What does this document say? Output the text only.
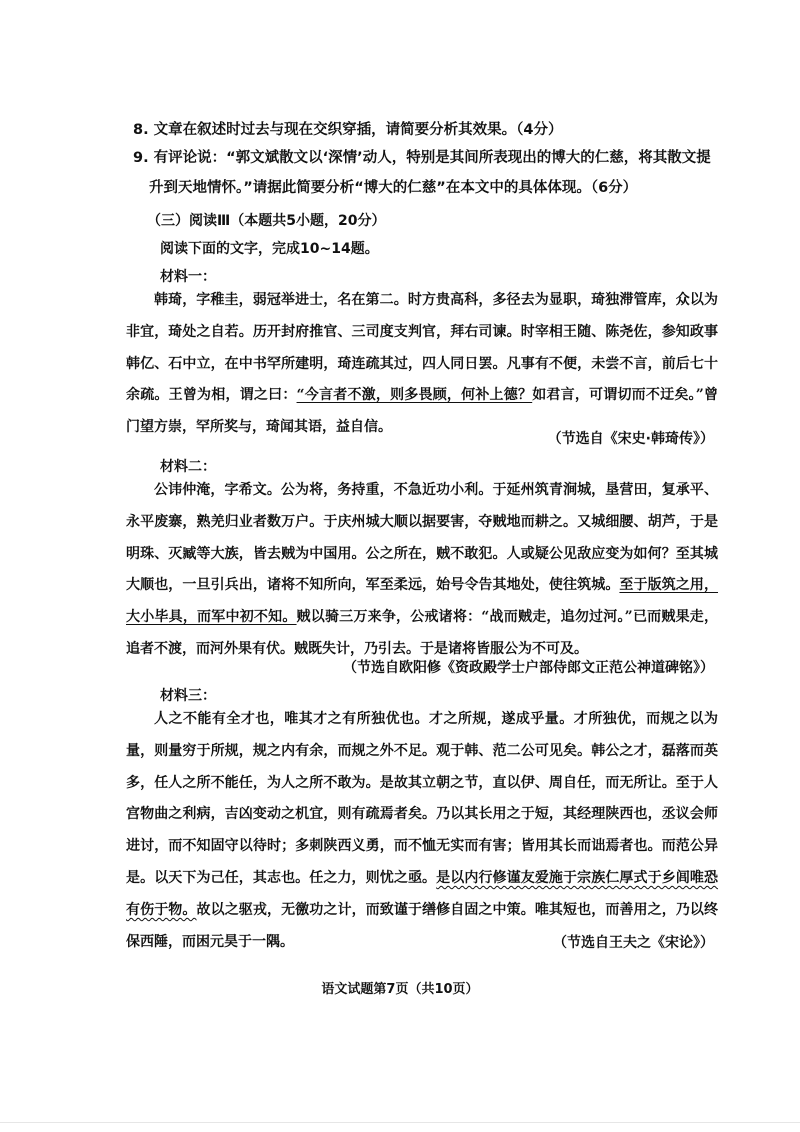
8. 文章在叙述时过去与现在交织穿插，请简要分析其效果。（4分）

9. 有评论说：“郭文斌散文以‘深情’动人，特别是其间所表现出的博大的仁慈，将其散文提升到天地情怀。”请据此简要分析“博大的仁慈”在本文中的具体体现。（6分）

（三）阅读Ⅲ（本题共5小题，20分）

阅读下面的文字，完成10~14题。

材料一：

韩琦，字稚圭，弱冠举进士，名在第二。时方贵高科，多径去为显职，琦独滞管库，众以为非宜，琦处之自若。历开封府推官、三司度支判官，拜右司谏。时宰相王随、陈尧佐，参知政事韩亿、石中立，在中书罕所建明，琦连疏其过，四人同日罢。凡事有不便，未尝不言，前后七十余疏。王曾为相，谓之曰：“今言者不激，则多畏顾，何补上德？如君言，可谓切而不迂矣。”曾门望方崇，罕所奖与，琦闻其语，益自信。

（节选自《宋史·韩琦传》）

材料二：

公讳仲淹，字希文。公为将，务持重，不急近功小利。于延州筑青涧城，垦营田，复承平、永平废寨，熟羌归业者数万户。于庆州城大顺以据要害，夺贼地而耕之。又城细腰、胡芦，于是明珠、灭臧等大族，皆去贼为中国用。公之所在，贼不敢犯。人或疑公见敌应变为如何？至其城大顺也，一旦引兵出，诸将不知所向，军至柔远，始号令告其地处，使往筑城。至于版筑之用，大小毕具，而军中初不知。贼以骑三万来争，公戒诸将：“战而贼走，追勿过河。”已而贼果走，追者不渡，而河外果有伏。贼既失计，乃引去。于是诸将皆服公为不可及。

（节选自欧阳修《资政殿学士户部侍郎文正范公神道碑铭》）

材料三：

人之不能有全才也，唯其才之有所独优也。才之所规，遂成乎量。才所独优，而规之以为量，则量穷于所规，规之内有余，而规之外不足。观于韩、范二公可见矣。韩公之才，磊落而英多，任人之所不能任，为人之所不敢为。是故其立朝之节，直以伊、周自任，而无所让。至于人宫物曲之利病，吉凶变动之机宜，则有疏焉者矣。乃以其长用之于短，其经理陕西也，丞议会师进讨，而不知固守以待时；多刺陕西义勇，而不恤无实而有害；皆用其长而诎焉者也。而范公异是。以天下为己任，其志也。任之力，则忧之亟。是以内行修谨友爱施于宗族仁厚式于乡闾唯恐有伤于物。故以之驱戎，无徼功之计，而致谨于缮修自固之中策。唯其短也，而善用之，乃以终保西陲，而困元昊于一隅。	（节选自王夫之《宋论》）

语文试题第7页（共10页）
